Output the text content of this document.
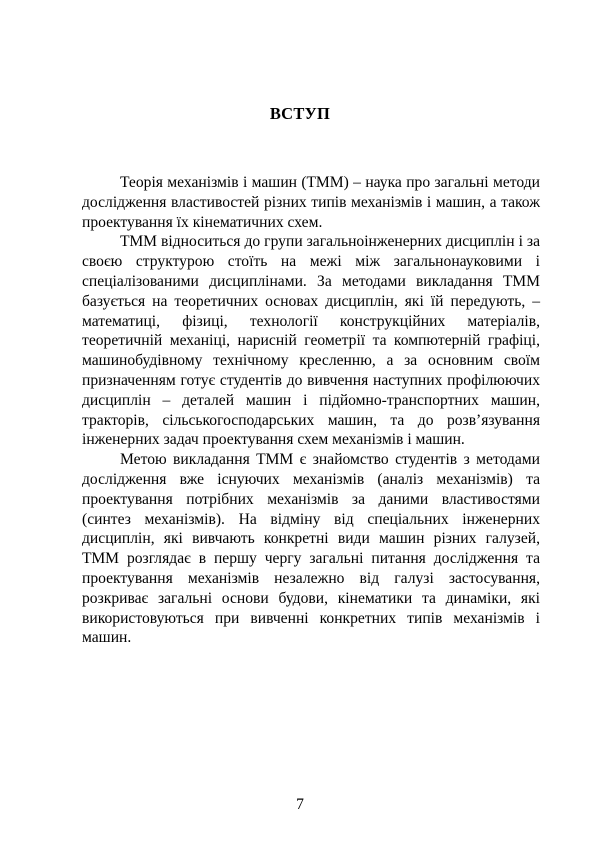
ВСТУП

Теорія механізмів і машин (ТММ) – наука про загальні методи дослідження властивостей різних типів механізмів і машин, а також проектування їх кінематичних схем.

ТММ відноситься до групи загальноінженерних дисциплін і за своєю структурою стоїть на межі між загальнонауковими і спеціалізованими дисциплінами. За методами викладання ТММ базується на теоретичних основах дисциплін, які їй передують, – математиці, фізиці, технології конструкційних матеріалів, теоретичній механіці, нарисній геометрії та компютерній графіці, машинобудівному технічному кресленню, а за основним своїм призначенням готує студентів до вивчення наступних профілюючих дисциплін – деталей машин і підйомно-транспортних машин, тракторів, сільськогосподарських машин, та до розв’язування інженерних задач проектування схем механізмів і машин.

Метою викладання ТММ є знайомство студентів з методами дослідження вже існуючих механізмів (аналіз механізмів) та проектування потрібних механізмів за даними властивостями (синтез механізмів). На відміну від спеціальних інженерних дисциплін, які вивчають конкретні види машин різних галузей, ТММ розглядає в першу чергу загальні питання дослідження та проектування механізмів незалежно від галузі застосування, розкриває загальні основи будови, кінематики та динаміки, які використовуються при вивченні конкретних типів механізмів і машин.

7
